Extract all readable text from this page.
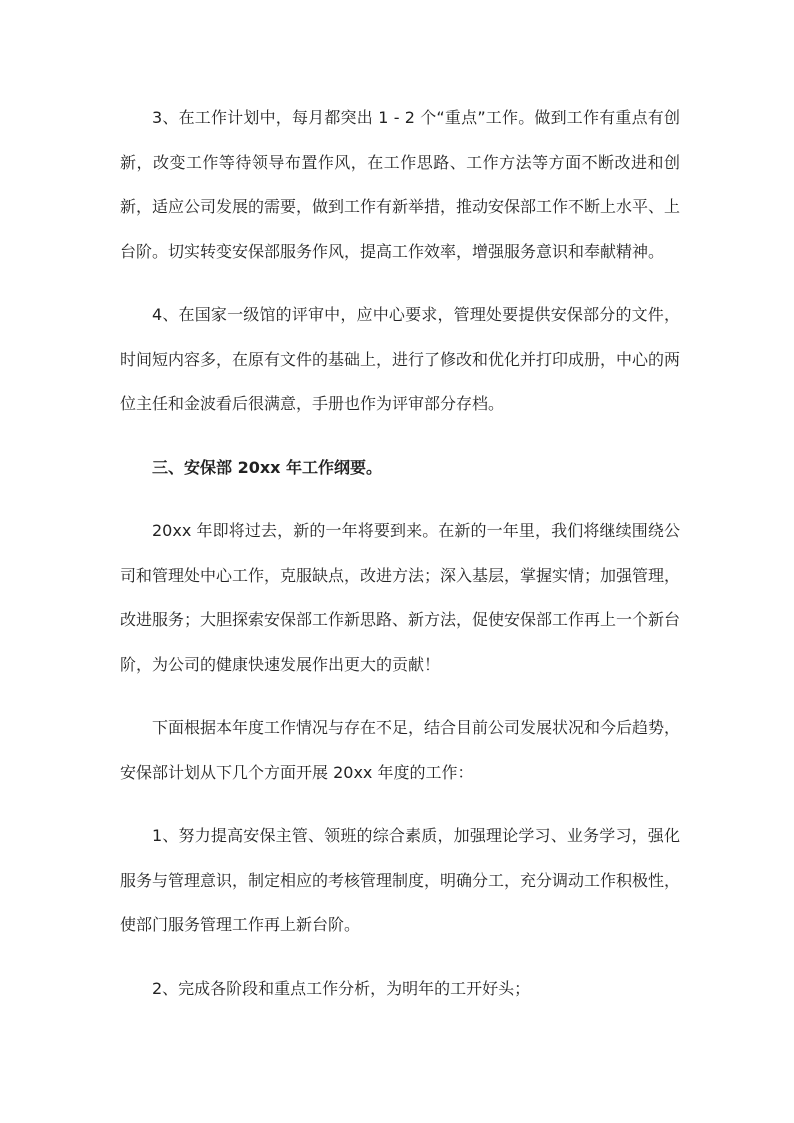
3、在工作计划中，每月都突出 1 - 2 个“重点”工作。做到工作有重点有创新，改变工作等待领导布置作风，在工作思路、工作方法等方面不断改进和创新，适应公司发展的需要，做到工作有新举措，推动安保部工作不断上水平、上台阶。切实转变安保部服务作风，提高工作效率，增强服务意识和奉献精神。

4、在国家一级馆的评审中，应中心要求，管理处要提供安保部分的文件，时间短内容多，在原有文件的基础上，进行了修改和优化并打印成册，中心的两位主任和金波看后很满意，手册也作为评审部分存档。

三、安保部 20xx 年工作纲要。

20xx 年即将过去，新的一年将要到来。在新的一年里，我们将继续围绕公司和管理处中心工作，克服缺点，改进方法；深入基层，掌握实情；加强管理，改进服务；大胆探索安保部工作新思路、新方法，促使安保部工作再上一个新台阶，为公司的健康快速发展作出更大的贡献！

下面根据本年度工作情况与存在不足，结合目前公司发展状况和今后趋势，安保部计划从下几个方面开展 20xx 年度的工作：

1、努力提高安保主管、领班的综合素质，加强理论学习、业务学习，强化服务与管理意识，制定相应的考核管理制度，明确分工，充分调动工作积极性，使部门服务管理工作再上新台阶。

2、完成各阶段和重点工作分析，为明年的工开好头；
